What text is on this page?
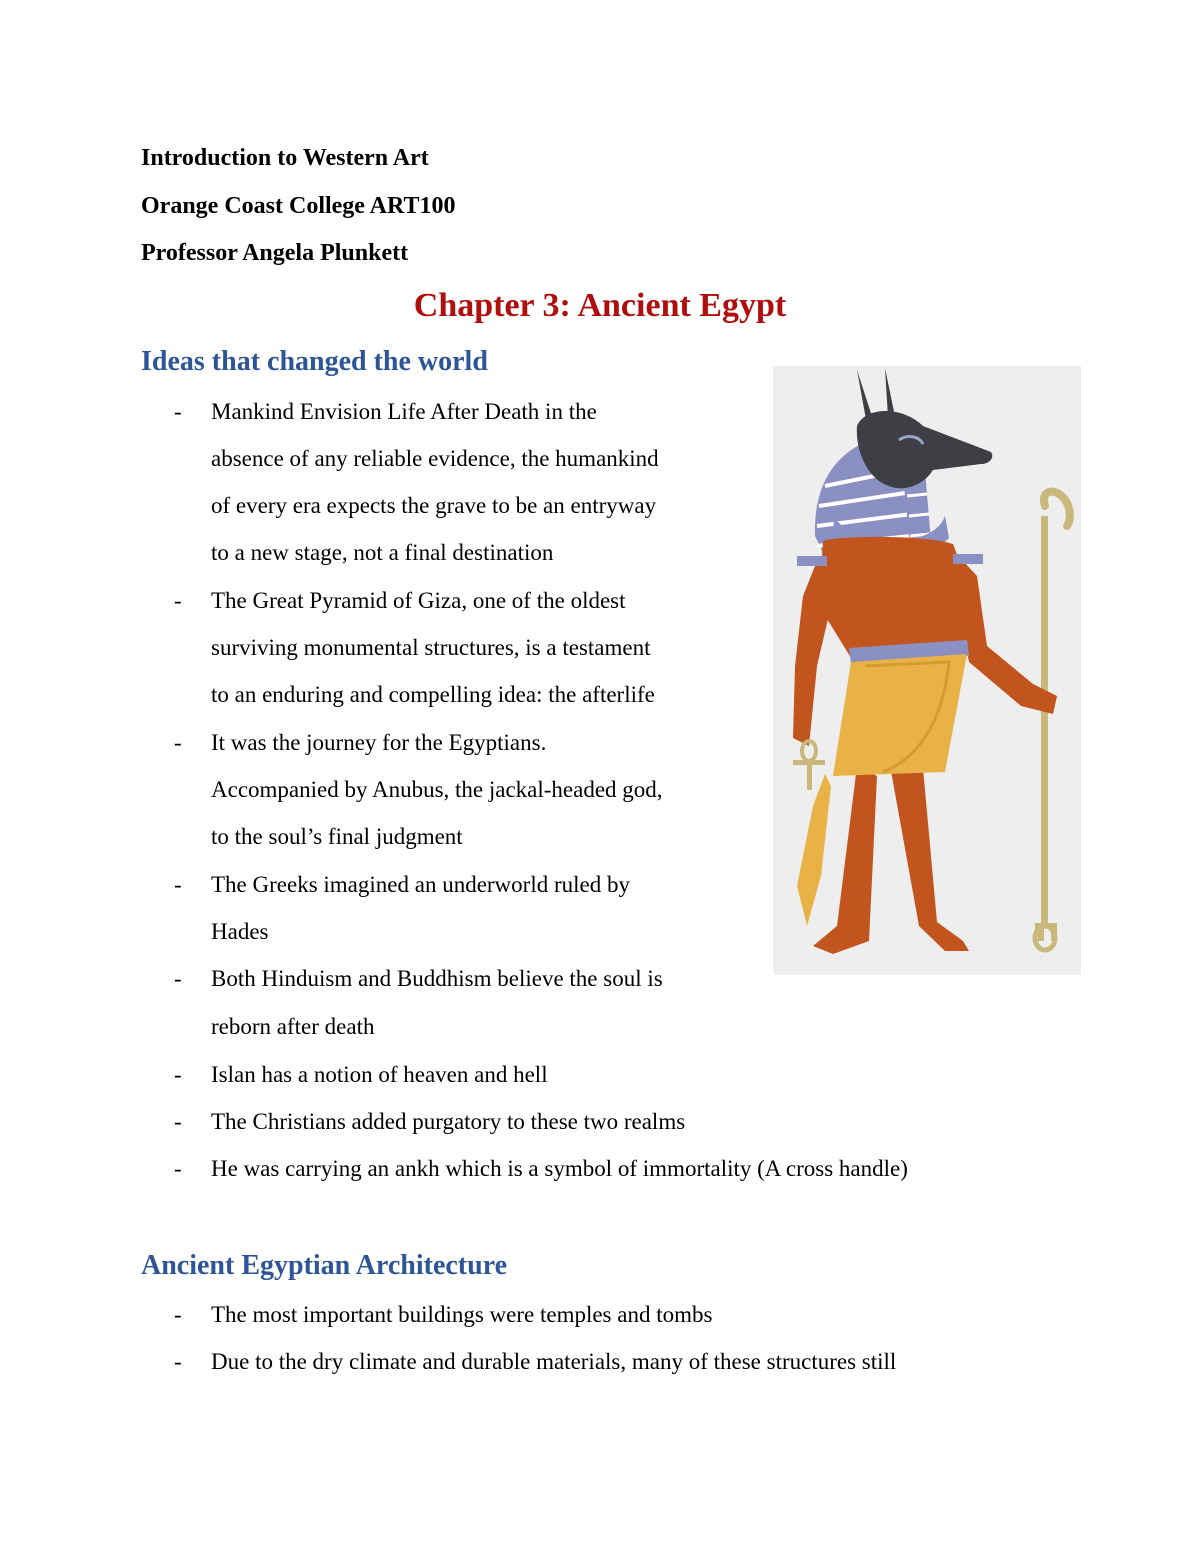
Introduction to Western Art
Orange Coast College ART100
Professor Angela Plunkett
Chapter 3: Ancient Egypt
Ideas that changed the world
- Mankind Envision Life After Death in the
absence of any reliable evidence, the humankind
of every era expects the grave to be an entryway
to a new stage, not a final destination
- The Great Pyramid of Giza, one of the oldest
surviving monumental structures, is a testament
to an enduring and compelling idea: the afterlife
- It was the journey for the Egyptians.
Accompanied by Anubus, the jackal-headed god,
to the soul’s final judgment
- The Greeks imagined an underworld ruled by
Hades
- Both Hinduism and Buddhism believe the soul is
reborn after death
- Islan has a notion of heaven and hell
- The Christians added purgatory to these two realms
- He was carrying an ankh which is a symbol of immortality (A cross handle)
Ancient Egyptian Architecture
- The most important buildings were temples and tombs
- Due to the dry climate and durable materials, many of these structures still
